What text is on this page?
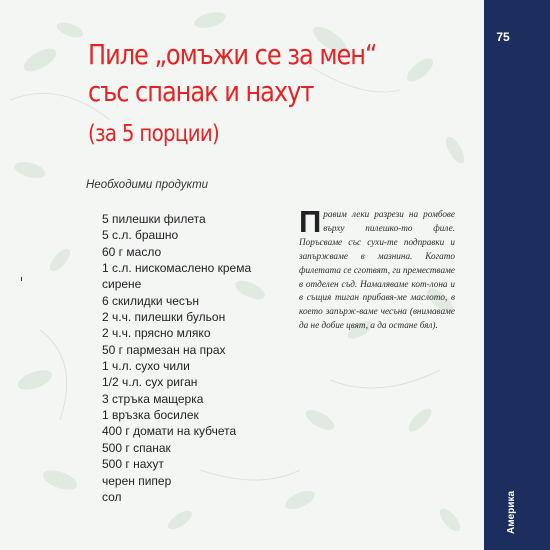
Пиле „омъжи се за мен“
със спанак и нахут
(за 5 порции)
Необходими продукти
5 пилешки филета
5 с.л. брашно
60 г масло
1 с.л. нискомаслено крема
сирене
6 скилидки чесън
2 ч.ч. пилешки бульон
2 ч.ч. прясно мляко
50 г пармезан на прах
1 ч.л. сухо чили
1/2 ч.л. сух риган
3 стръка мащерка
1 връзка босилек
400 г домати на кубчета
500 г спанак
500 г нахут
черен пипер
сол

Правим леки разрези на ромбове върху пилешко-то филе. Поръсваме със сухи-те подправки и запържваме в мазнина. Когато филетата се сготвят, ги преместваме в отделен съд. Намаляваме кот-лона и в същия тиган прибавя-ме маслото, в което запърж-ваме чесъна (внимаваме да не добие цвят, а да остане бял).

75
Америка
